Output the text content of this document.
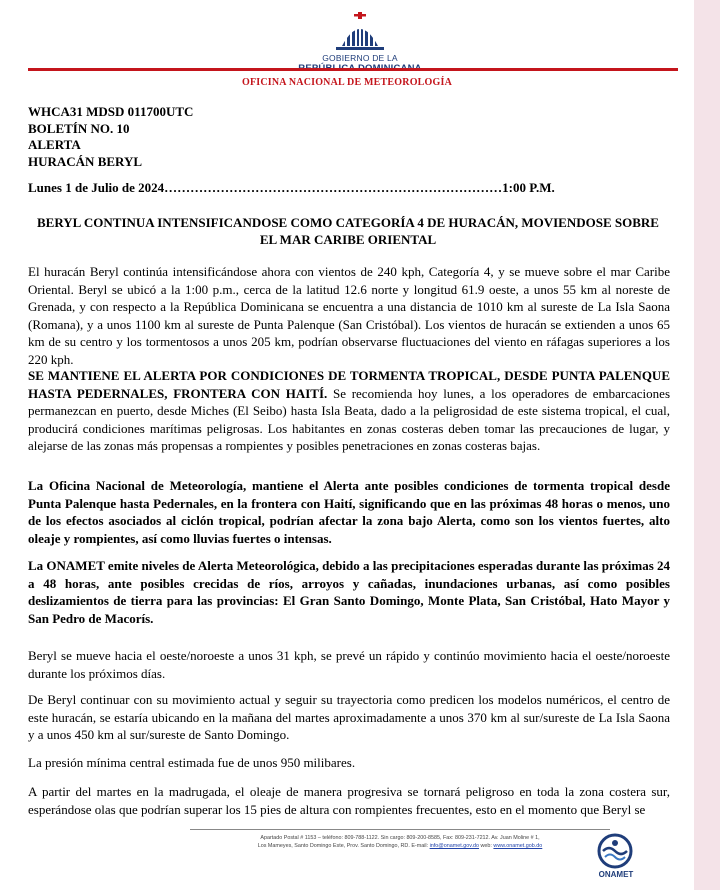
GOBIERNO DE LA
OFICINA NACIONAL DE METEOROLOGÍA
WHCA31 MDSD 011700UTC
BOLETÍN NO. 10
ALERTA
HURACÁN BERYL
Lunes 1 de Julio de 2024……………………………………………………………………1:00 P.M.
BERYL CONTINUA INTENSIFICANDOSE COMO CATEGORÍA 4 DE HURACÁN, MOVIENDOSE SOBRE EL MAR CARIBE ORIENTAL

El huracán Beryl continúa intensificándose ahora con vientos de 240 kph, Categoría 4, y se mueve sobre el mar Caribe Oriental. Beryl se ubicó a la 1:00 p.m., cerca de la latitud 12.6 norte y longitud 61.9 oeste, a unos 55 km al noreste de Grenada, y con respecto a la República Dominicana se encuentra a una distancia de 1010 km al sureste de La Isla Saona (Romana), y a unos 1100 km al sureste de Punta Palenque (San Cristóbal). Los vientos de huracán se extienden a unos 65 km de su centro y los tormentosos a unos 205 km, podrían observarse fluctuaciones del viento en ráfagas superiores a los 220 kph.

SE MANTIENE EL ALERTA POR CONDICIONES DE TORMENTA TROPICAL, DESDE PUNTA PALENQUE HASTA PEDERNALES, FRONTERA CON HAITÍ. Se recomienda hoy lunes, a los operadores de embarcaciones permanezcan en puerto, desde Miches (El Seibo) hasta Isla Beata, dado a la peligrosidad de este sistema tropical, el cual, producirá condiciones marítimas peligrosas. Los habitantes en zonas costeras deben tomar las precauciones de lugar, y alejarse de las zonas más propensas a rompientes y posibles penetraciones en zonas costeras bajas.

La Oficina Nacional de Meteorología, mantiene el Alerta ante posibles condiciones de tormenta tropical desde Punta Palenque hasta Pedernales, en la frontera con Haití, significando que en las próximas 48 horas o menos, uno de los efectos asociados al ciclón tropical, podrían afectar la zona bajo Alerta, como son los vientos fuertes, alto oleaje y rompientes, así como lluvias fuertes o intensas.

La ONAMET emite niveles de Alerta Meteorológica, debido a las precipitaciones esperadas durante las próximas 24 a 48 horas, ante posibles crecidas de ríos, arroyos y cañadas, inundaciones urbanas, así como posibles deslizamientos de tierra para las provincias: El Gran Santo Domingo, Monte Plata, San Cristóbal, Hato Mayor y San Pedro de Macorís.

Beryl se mueve hacia el oeste/noroeste a unos 31 kph, se prevé un rápido y continúo movimiento hacia el oeste/noroeste durante los próximos días.

De Beryl continuar con su movimiento actual y seguir su trayectoria como predicen los modelos numéricos, el centro de este huracán, se estaría ubicando en la mañana del martes aproximadamente a unos 370 km al sur/sureste de La Isla Saona y a unos 450 km al sur/sureste de Santo Domingo.

La presión mínima central estimada fue de unos 950 milibares.

A partir del martes en la madrugada, el oleaje de manera progresiva se tornará peligroso en toda la zona costera sur, esperándose olas que podrían superar los 15 pies de altura con rompientes frecuentes, esto en el momento que Beryl se

Apartado Postal # 1153 – teléfono: 809-788-1122. Sin cargo: 809-200-8585, Fax: 809-231-7212. Av. Juan Moline # 1,
Los Mameyes, Santo Domingo Este, Prov. Santo Domingo, RD. E-mail: info@onamet.gov.do web: www.onamet.gob.do
ONAMET
